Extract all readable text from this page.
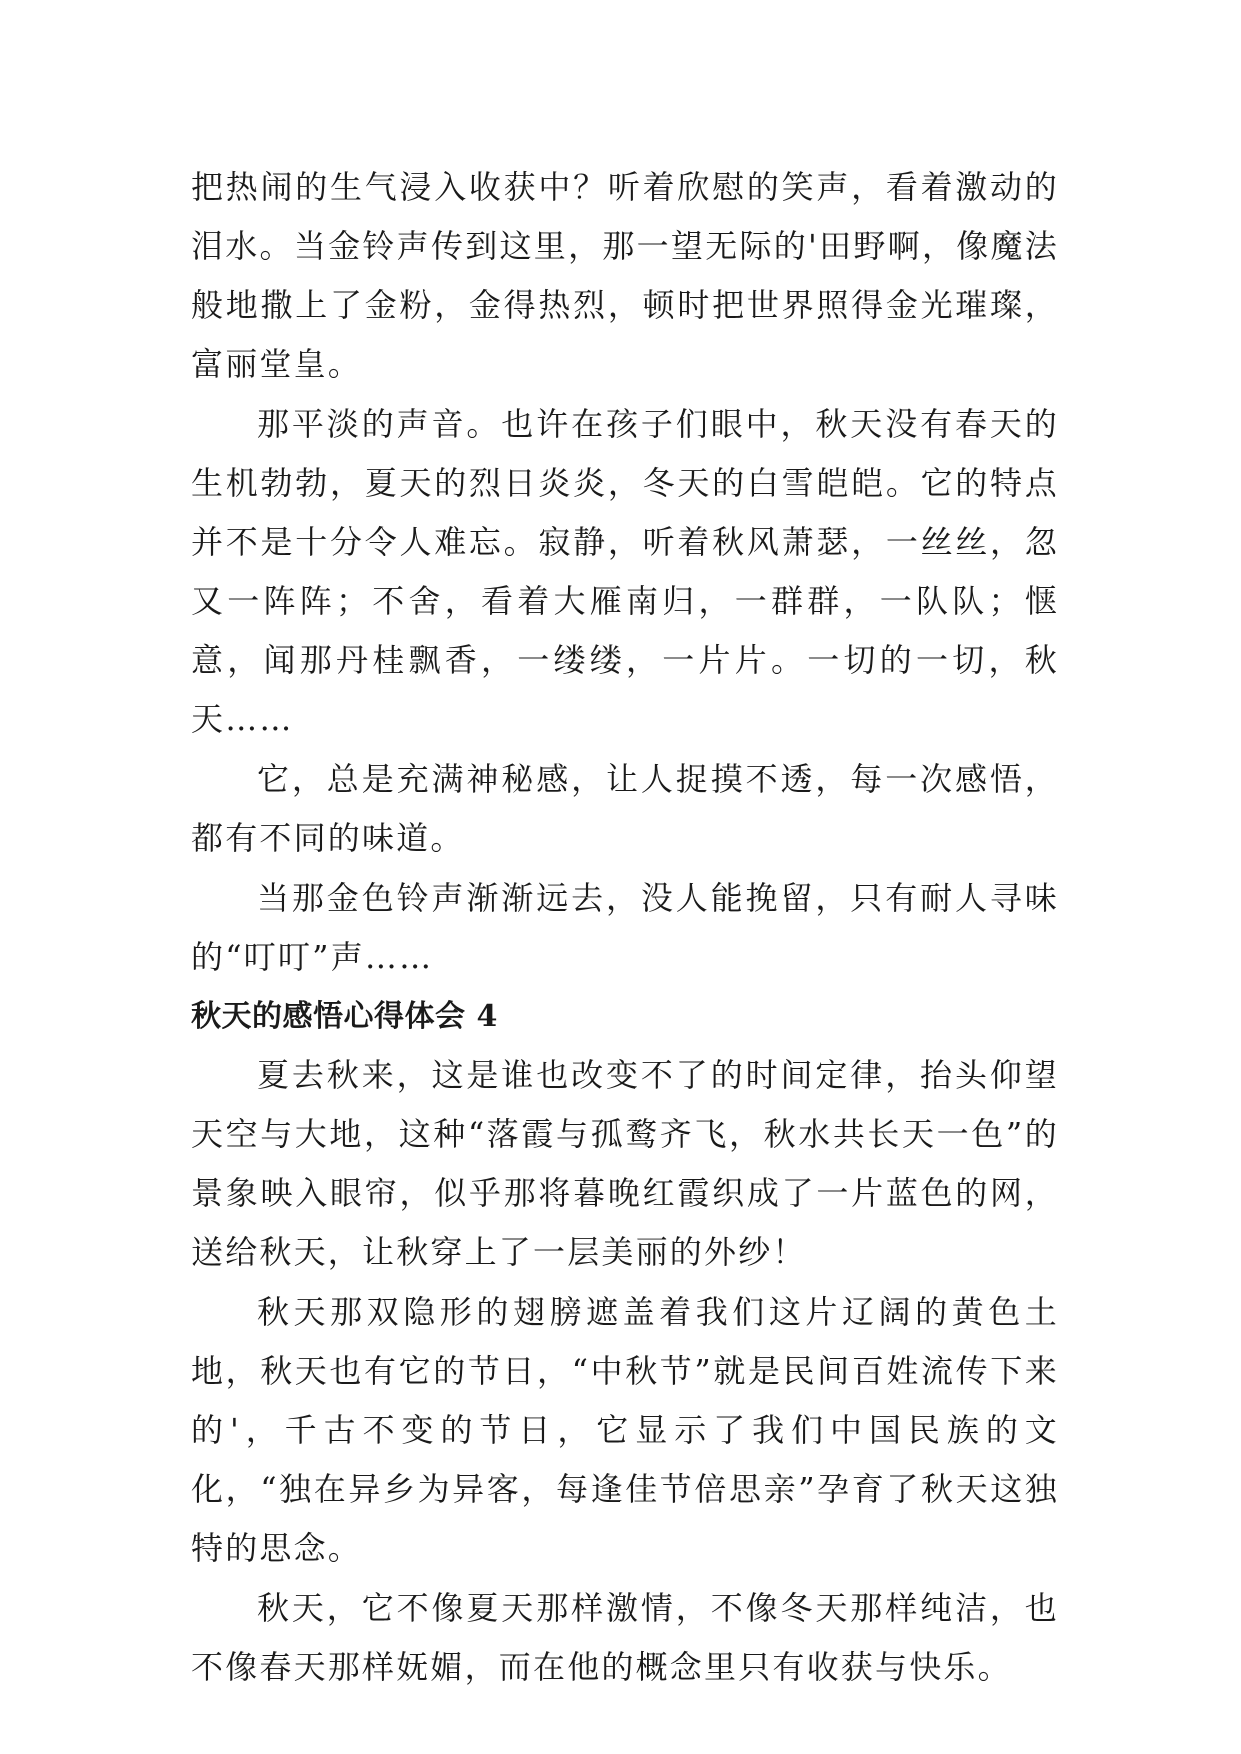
把热闹的生气浸入收获中？听着欣慰的笑声，看着激动的泪水。当金铃声传到这里，那一望无际的'田野啊，像魔法般地撒上了金粉，金得热烈，顿时把世界照得金光璀璨，富丽堂皇。

那平淡的声音。也许在孩子们眼中，秋天没有春天的生机勃勃，夏天的烈日炎炎，冬天的白雪皑皑。它的特点并不是十分令人难忘。寂静，听着秋风萧瑟，一丝丝，忽又一阵阵；不舍，看着大雁南归，一群群，一队队；惬意，闻那丹桂飘香，一缕缕，一片片。一切的一切，秋天……

它，总是充满神秘感，让人捉摸不透，每一次感悟，都有不同的味道。

当那金色铃声渐渐远去，没人能挽留，只有耐人寻味的“叮叮”声……

秋天的感悟心得体会 4

夏去秋来，这是谁也改变不了的时间定律，抬头仰望天空与大地，这种“落霞与孤鹜齐飞，秋水共长天一色”的景象映入眼帘，似乎那将暮晚红霞织成了一片蓝色的网，送给秋天，让秋穿上了一层美丽的外纱！

秋天那双隐形的翅膀遮盖着我们这片辽阔的黄色土地，秋天也有它的节日，“中秋节”就是民间百姓流传下来的'，千古不变的节日，它显示了我们中国民族的文化，“独在异乡为异客，每逢佳节倍思亲”孕育了秋天这独特的思念。

秋天，它不像夏天那样激情，不像冬天那样纯洁，也不像春天那样妩媚，而在他的概念里只有收获与快乐。
